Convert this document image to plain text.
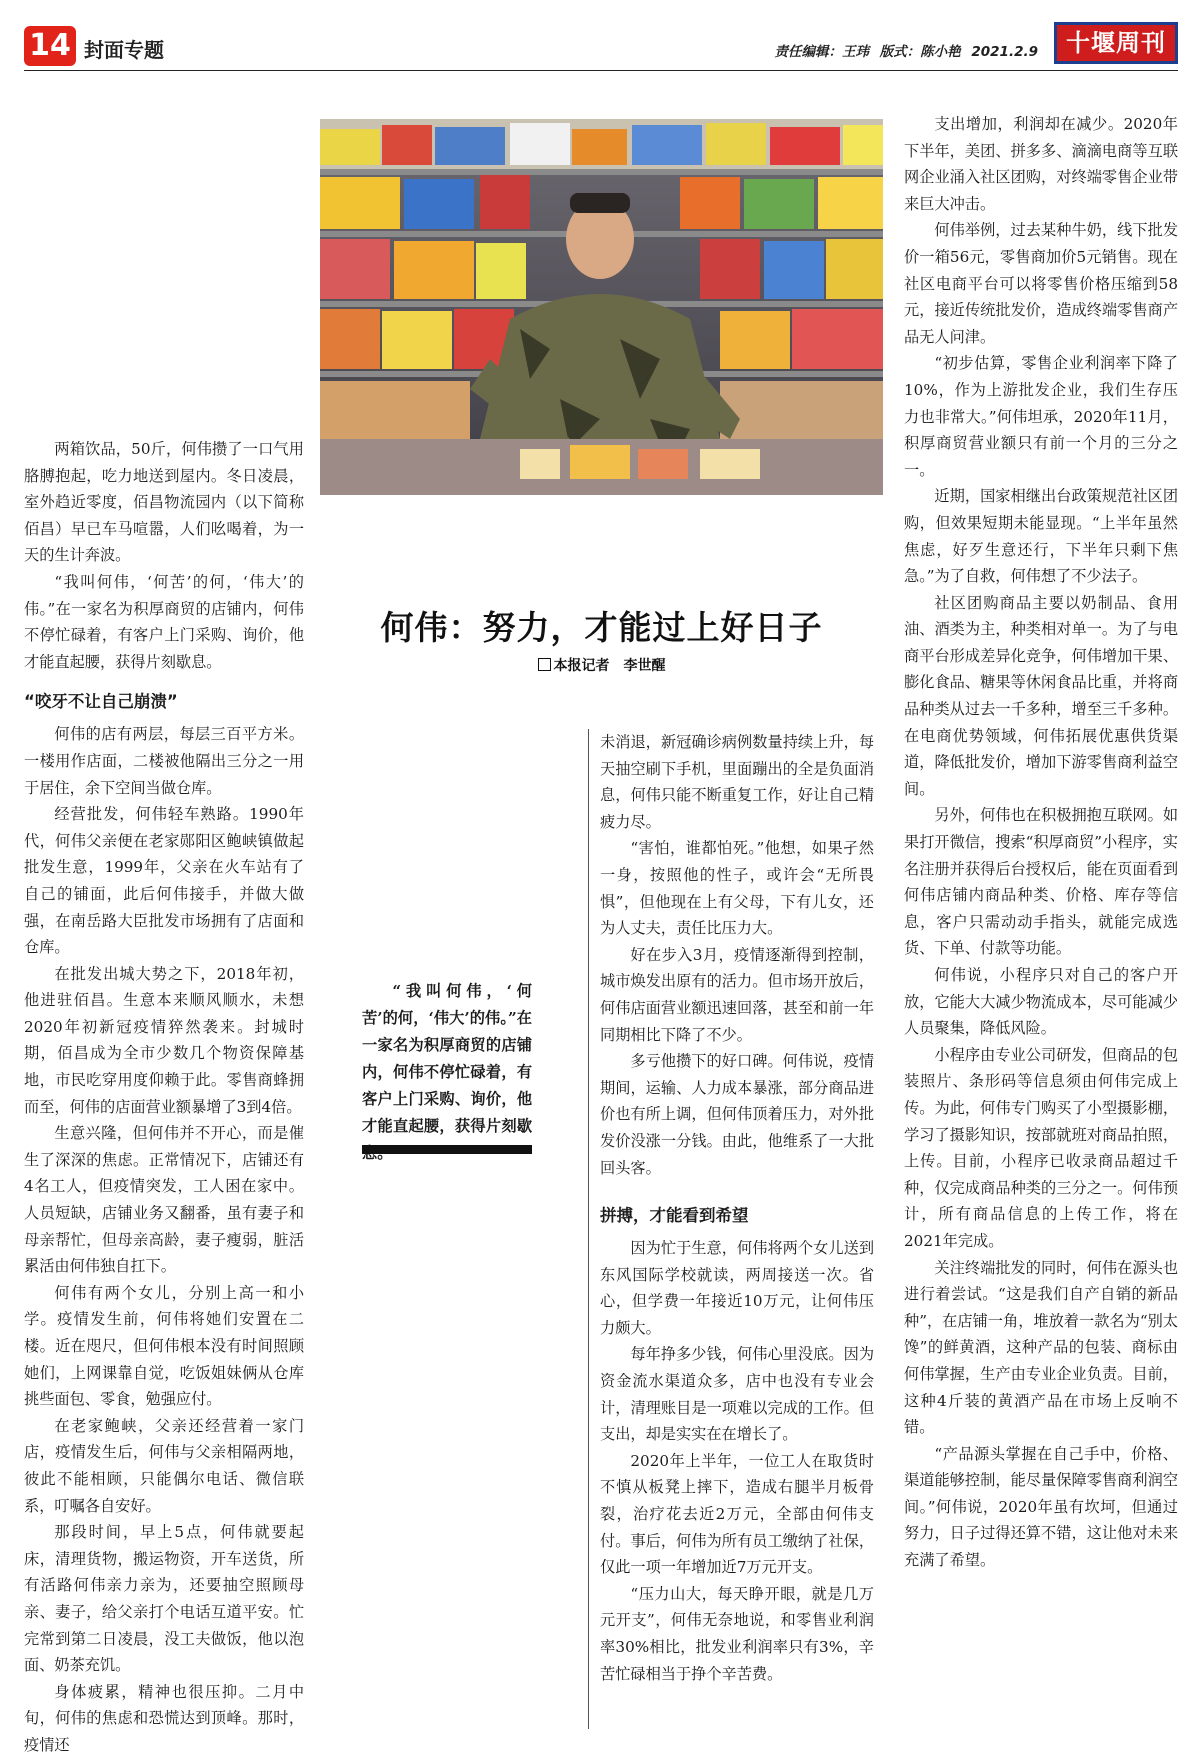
14 封面专题	责任编辑：王玮 版式：陈小艳 2021.2.9	十堰周刊
何伟：努力，才能过上好日子
本报记者 李世醒

“我叫何伟，‘何苦’的何，‘伟大’的伟。”在一家名为积厚商贸的店铺内，何伟不停忙碌着，有客户上门采购、询价，他才能直起腰，获得片刻歇

两箱饮品，50斤，何伟攒了一口气用胳膊抱起，吃力地送到屋内。冬日凌晨，室外趋近零度，佰昌物流园内（以下简称佰昌）早已车马喧嚣，人们吆喝着，为一天的生计奔波。

“我叫何伟，‘何苦’的何，‘伟大’的伟。”在一家名为积厚商贸的店铺内，何伟不停忙碌着，有客户上门采购、询价，他才能直起腰，获得片刻歇息。

“咬牙不让自己崩溃”

何伟的店有两层，每层三百平方米。一楼用作店面，二楼被他隔出三分之一用于居住，余下空间当做仓库。

经营批发，何伟轻车熟路。1990年代，何伟父亲便在老家郧阳区鲍峡镇做起批发生意，1999年，父亲在火车站有了自己的铺面，此后何伟接手，并做大做强，在南岳路大臣批发市场拥有了店面和仓库。

在批发出城大势之下，2018年初，他进驻佰昌。生意本来顺风顺水，未想2020年初新冠疫情猝然袭来。封城时期，佰昌成为全市少数几个物资保障基地，市民吃穿用度仰赖于此。零售商蜂拥而至，何伟的店面营业额暴增了3到4倍。

生意兴隆，但何伟并不开心，而是催生了深深的焦虑。正常情况下，店铺还有4名工人，但疫情突发，工人困在家中。人员短缺，店铺业务又翻番，虽有妻子和母亲帮忙，但母亲高龄，妻子瘦弱，脏活累活由何伟独自扛下。

何伟有两个女儿，分别上高一和小学。疫情发生前，何伟将她们安置在二楼。近在咫尺，但何伟根本没有时间照顾她们，上网课靠自觉，吃饭姐妹俩从仓库挑些面包、零食，勉强应付。

在老家鲍峡，父亲还经营着一家门店，疫情发生后，何伟与父亲相隔两地，彼此不能相顾，只能偶尔电话、微信联系，叮嘱各自安好。

那段时间，早上5点，何伟就要起床，清理货物，搬运物资，开车送货，所有活路何伟亲力亲为，还要抽空照顾母亲、妻子，给父亲打个电话互道平安。忙完常到第二日凌晨，没工夫做饭，他以泡面、奶茶充饥。

身体疲累，精神也很压抑。二月中旬，何伟的焦虑和恐慌达到顶峰。那时，疫情还

未消退，新冠确诊病例数量持续上升，每天抽空刷下手机，里面蹦出的全是负面消息，何伟只能不断重复工作，好让自己精疲力尽。

“害怕，谁都怕死。”他想，如果孑然一身，按照他的性子，或许会“无所畏惧”，但他现在上有父母，下有儿女，还为人丈夫，责任比压力大。

好在步入3月，疫情逐渐得到控制，城市焕发出原有的活力。但市场开放后，何伟店面营业额迅速回落，甚至和前一年同期相比下降了不少。

多亏他攒下的好口碑。何伟说，疫情期间，运输、人力成本暴涨，部分商品进价也有所上调，但何伟顶着压力，对外批发价没涨一分钱。由此，他维系了一大批回头客。

拼搏，才能看到希望

因为忙于生意，何伟将两个女儿送到东风国际学校就读，两周接送一次。省心，但学费一年接近10万元，让何伟压力颇大。

每年挣多少钱，何伟心里没底。因为资金流水渠道众多，店中也没有专业会计，清理账目是一项难以完成的工作。但支出，却是实实在在增长了。

2020年上半年，一位工人在取货时不慎从板凳上摔下，造成右腿半月板骨裂，治疗花去近2万元，全部由何伟支付。事后，何伟为所有员工缴纳了社保，仅此一项一年增加近7万元开支。

“压力山大，每天睁开眼，就是几万元开支”，何伟无奈地说，和零售业利润率30%相比，批发业利润率只有3%，辛苦忙碌相当于挣个辛苦费。

支出增加，利润却在减少。2020年下半年，美团、拼多多、滴滴电商等互联网企业涌入社区团购，对终端零售企业带来巨大冲击。

何伟举例，过去某种牛奶，线下批发价一箱56元，零售商加价5元销售。现在社区电商平台可以将零售价格压缩到58元，接近传统批发价，造成终端零售商产品无人问津。

“初步估算，零售企业利润率下降了10%，作为上游批发企业，我们生存压力也非常大。”何伟坦承，2020年11月，积厚商贸营业额只有前一个月的三分之一。

近期，国家相继出台政策规范社区团购，但效果短期未能显现。“上半年虽然焦虑，好歹生意还行，下半年只剩下焦急。”为了自救，何伟想了不少法子。

社区团购商品主要以奶制品、食用油、酒类为主，种类相对单一。为了与电商平台形成差异化竞争，何伟增加干果、膨化食品、糖果等休闲食品比重，并将商品种类从过去一千多种，增至三千多种。在电商优势领域，何伟拓展优惠供货渠道，降低批发价，增加下游零售商利益空间。

另外，何伟也在积极拥抱互联网。如果打开微信，搜索“积厚商贸”小程序，实名注册并获得后台授权后，能在页面看到何伟店铺内商品种类、价格、库存等信息，客户只需动动手指头，就能完成选货、下单、付款等功能。

何伟说，小程序只对自己的客户开放，它能大大减少物流成本，尽可能减少人员聚集，降低风险。

小程序由专业公司研发，但商品的包装照片、条形码等信息须由何伟完成上传。为此，何伟专门购买了小型摄影棚，学习了摄影知识，按部就班对商品拍照，上传。目前，小程序已收录商品超过千种，仅完成商品种类的三分之一。何伟预计，所有商品信息的上传工作，将在2021年完成。

关注终端批发的同时，何伟在源头也进行着尝试。“这是我们自产自销的新品种”，在店铺一角，堆放着一款名为“别太馋”的鲜黄酒，这种产品的包装、商标由何伟掌握，生产由专业企业负责。目前，这种4斤装的黄酒产品在市场上反响不错。

“产品源头掌握在自己手中，价格、渠道能够控制，能尽量保障零售商利润空间。”何伟说，2020年虽有坎坷，但通过努力，日子过得还算不错，这让他对未来充满了希望。
